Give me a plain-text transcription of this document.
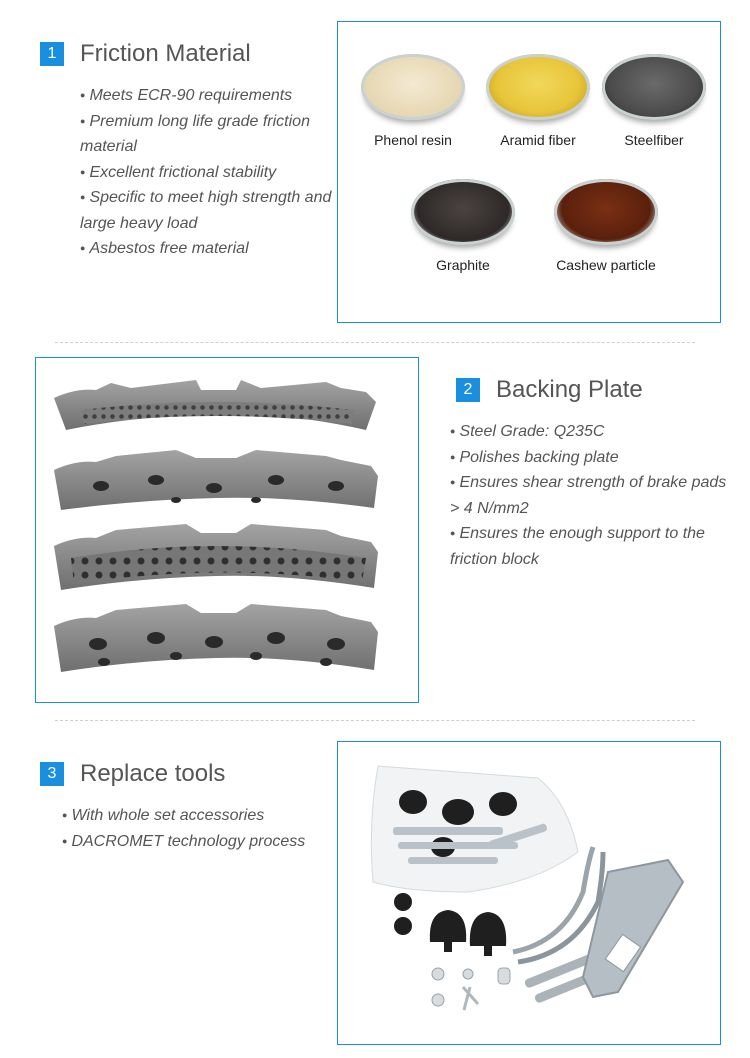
1 Friction Material

● Meets ECR-90 requirements

● Premium long life grade friction material

● Excellent frictional stability

● Specific to meet high strength and large heavy load

● Asbestos free material

Phenol resin	Aramid fiber	Steelfiber
Graphite	Cashew particle
2 Backing Plate

● Steel Grade: Q235C

● Polishes backing plate

● Ensures shear strength of brake pads > 4 N/mm2

● Ensures the enough support to the friction block

3 Replace tools

● With whole set accessories

● DACROMET technology process
